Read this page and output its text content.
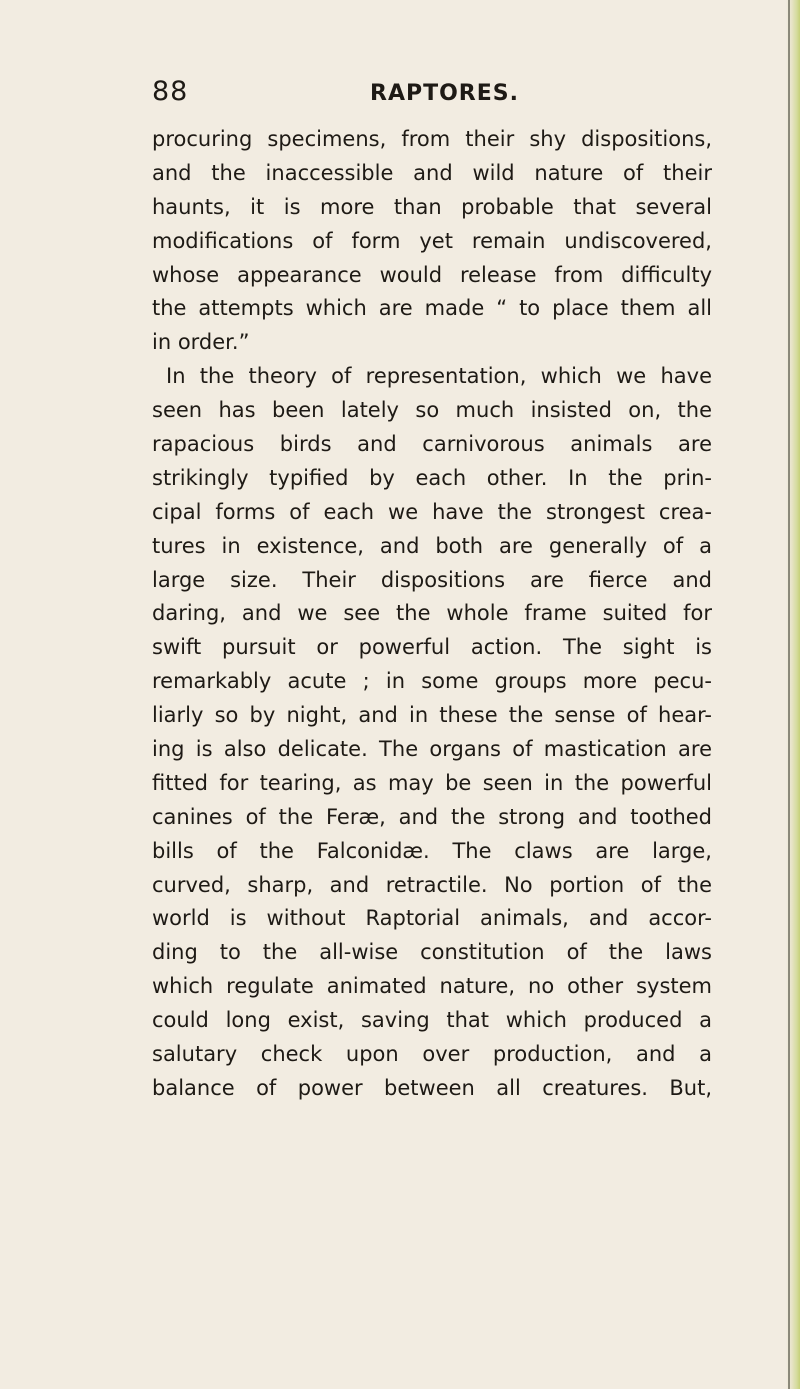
88	RAPTORES.
procuring specimens, from their shy dispositions,
and the inaccessible and wild nature of their
haunts, it is more than probable that several
modifications of form yet remain undiscovered,
whose appearance would release from difficulty
the attempts which are made “ to place them all
in order.”
In the theory of representation, which we have
seen has been lately so much insisted on, the
rapacious birds and carnivorous animals are
strikingly typified by each other. In the prin-
cipal forms of each we have the strongest crea-
tures in existence, and both are generally of a
large size. Their dispositions are fierce and
daring, and we see the whole frame suited for
swift pursuit or powerful action. The sight is
remarkably acute ; in some groups more pecu-
liarly so by night, and in these the sense of hear-
ing is also delicate. The organs of mastication are
fitted for tearing, as may be seen in the powerful
canines of the Feræ, and the strong and toothed
bills of the Falconidæ. The claws are large,
curved, sharp, and retractile. No portion of the
world is without Raptorial animals, and accor-
ding to the all-wise constitution of the laws
which regulate animated nature, no other system
could long exist, saving that which produced a
salutary check upon over production, and a
balance of power between all creatures. But,
